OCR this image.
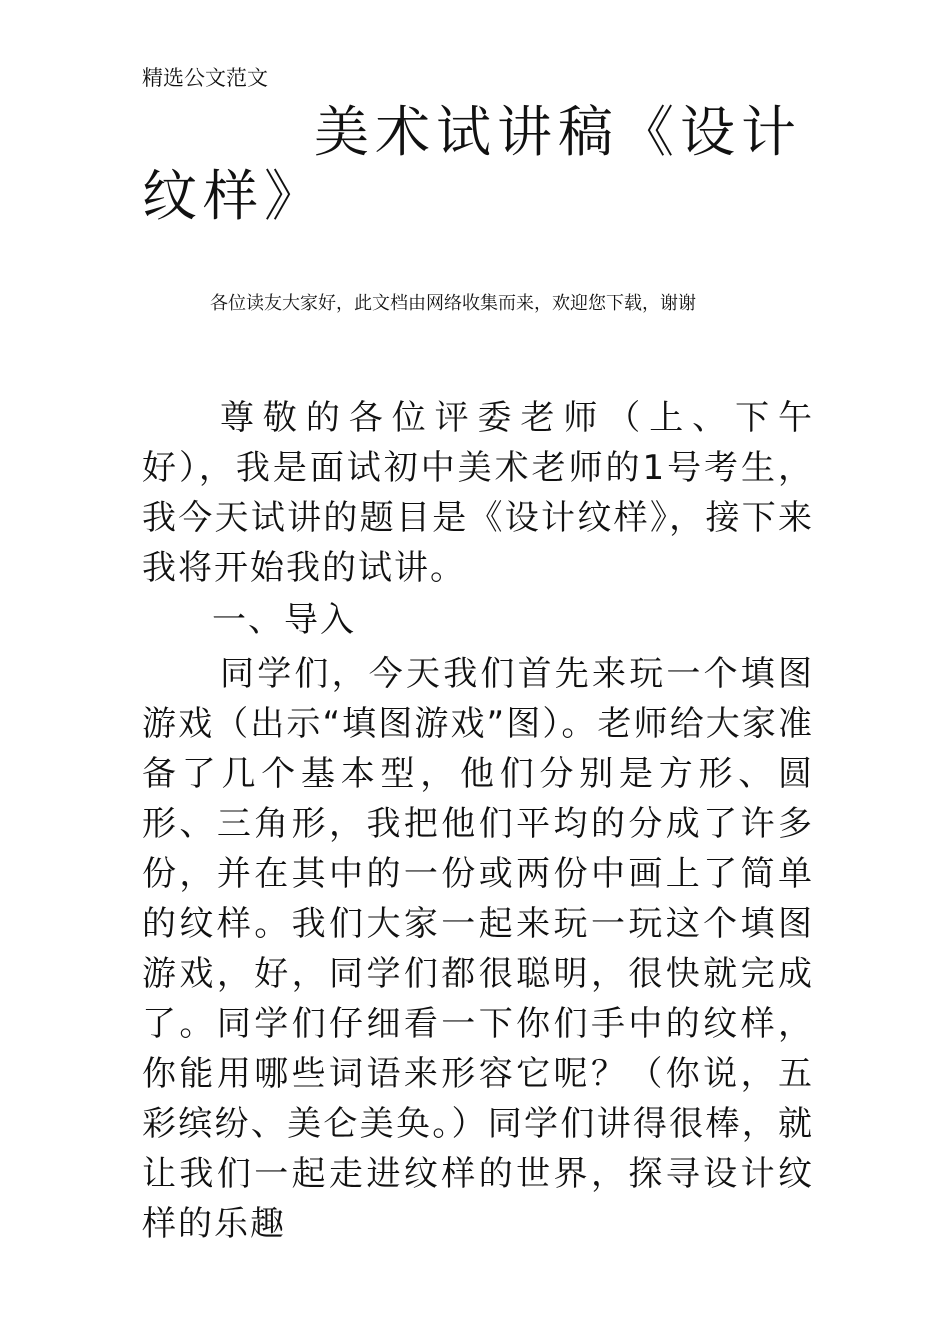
精选公文范文
美术试讲稿《设计纹样》
各位读友大家好，此文档由网络收集而来，欢迎您下载，谢谢

尊敬的各位评委老师（上、下午好），我是面试初中美术老师的1号考生，我今天试讲的题目是《设计纹样》，接下来我将开始我的试讲。

一、导入

同学们，今天我们首先来玩一个填图游戏（出示“填图游戏”图）。老师给大家准备了几个基本型，他们分别是方形、圆形、三角形，我把他们平均的分成了许多份，并在其中的一份或两份中画上了简单的纹样。我们大家一起来玩一玩这个填图游戏，好，同学们都很聪明，很快就完成了。同学们仔细看一下你们手中的纹样，你能用哪些词语来形容它呢？（你说，五彩缤纷、美仑美奂。）同学们讲得很棒，就让我们一起走进纹样的世界，探寻设计纹样的乐趣
